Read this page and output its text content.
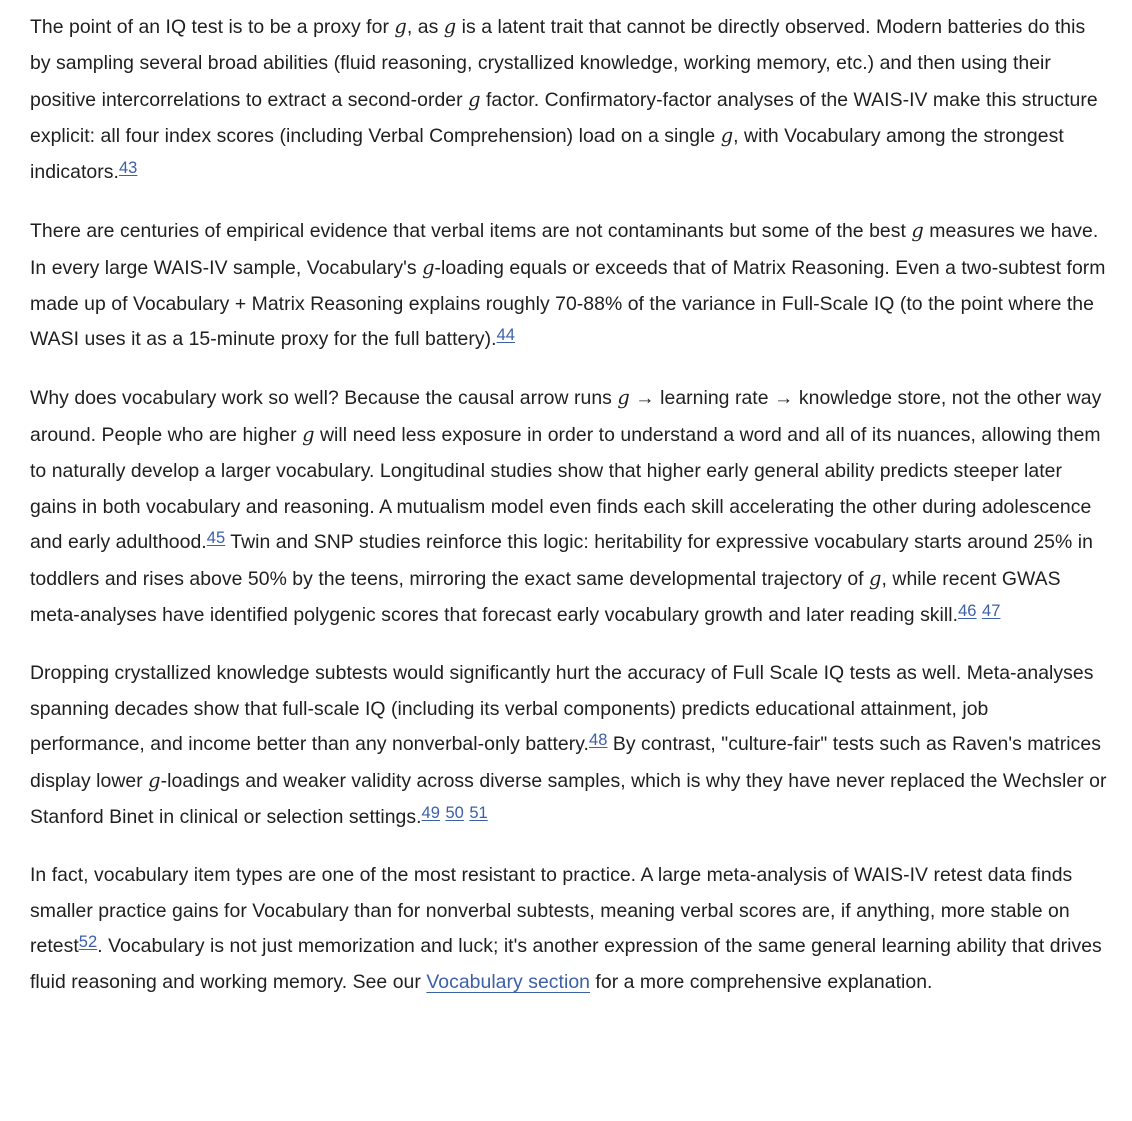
The point of an IQ test is to be a proxy for g, as g is a latent trait that cannot be directly observed. Modern batteries do this by sampling several broad abilities (fluid reasoning, crystallized knowledge, working memory, etc.) and then using their positive intercorrelations to extract a second-order g factor. Confirmatory-factor analyses of the WAIS-IV make this structure explicit: all four index scores (including Verbal Comprehension) load on a single g, with Vocabulary among the strongest indicators.43

There are centuries of empirical evidence that verbal items are not contaminants but some of the best g measures we have. In every large WAIS-IV sample, Vocabulary's g-loading equals or exceeds that of Matrix Reasoning. Even a two-subtest form made up of Vocabulary + Matrix Reasoning explains roughly 70-88% of the variance in Full-Scale IQ (to the point where the WASI uses it as a 15-minute proxy for the full battery).44

Why does vocabulary work so well? Because the causal arrow runs g → learning rate → knowledge store, not the other way around. People who are higher g will need less exposure in order to understand a word and all of its nuances, allowing them to naturally develop a larger vocabulary. Longitudinal studies show that higher early general ability predicts steeper later gains in both vocabulary and reasoning. A mutualism model even finds each skill accelerating the other during adolescence and early adulthood.45 Twin and SNP studies reinforce this logic: heritability for expressive vocabulary starts around 25% in toddlers and rises above 50% by the teens, mirroring the exact same developmental trajectory of g, while recent GWAS meta-analyses have identified polygenic scores that forecast early vocabulary growth and later reading skill.46 47

Dropping crystallized knowledge subtests would significantly hurt the accuracy of Full Scale IQ tests as well. Meta-analyses spanning decades show that full-scale IQ (including its verbal components) predicts educational attainment, job performance, and income better than any nonverbal-only battery.48 By contrast, "culture-fair" tests such as Raven's matrices display lower g-loadings and weaker validity across diverse samples, which is why they have never replaced the Wechsler or Stanford Binet in clinical or selection settings.49 50 51

In fact, vocabulary item types are one of the most resistant to practice. A large meta-analysis of WAIS-IV retest data finds smaller practice gains for Vocabulary than for nonverbal subtests, meaning verbal scores are, if anything, more stable on retest52. Vocabulary is not just memorization and luck; it's another expression of the same general learning ability that drives fluid reasoning and working memory. See our Vocabulary section for a more comprehensive explanation.
